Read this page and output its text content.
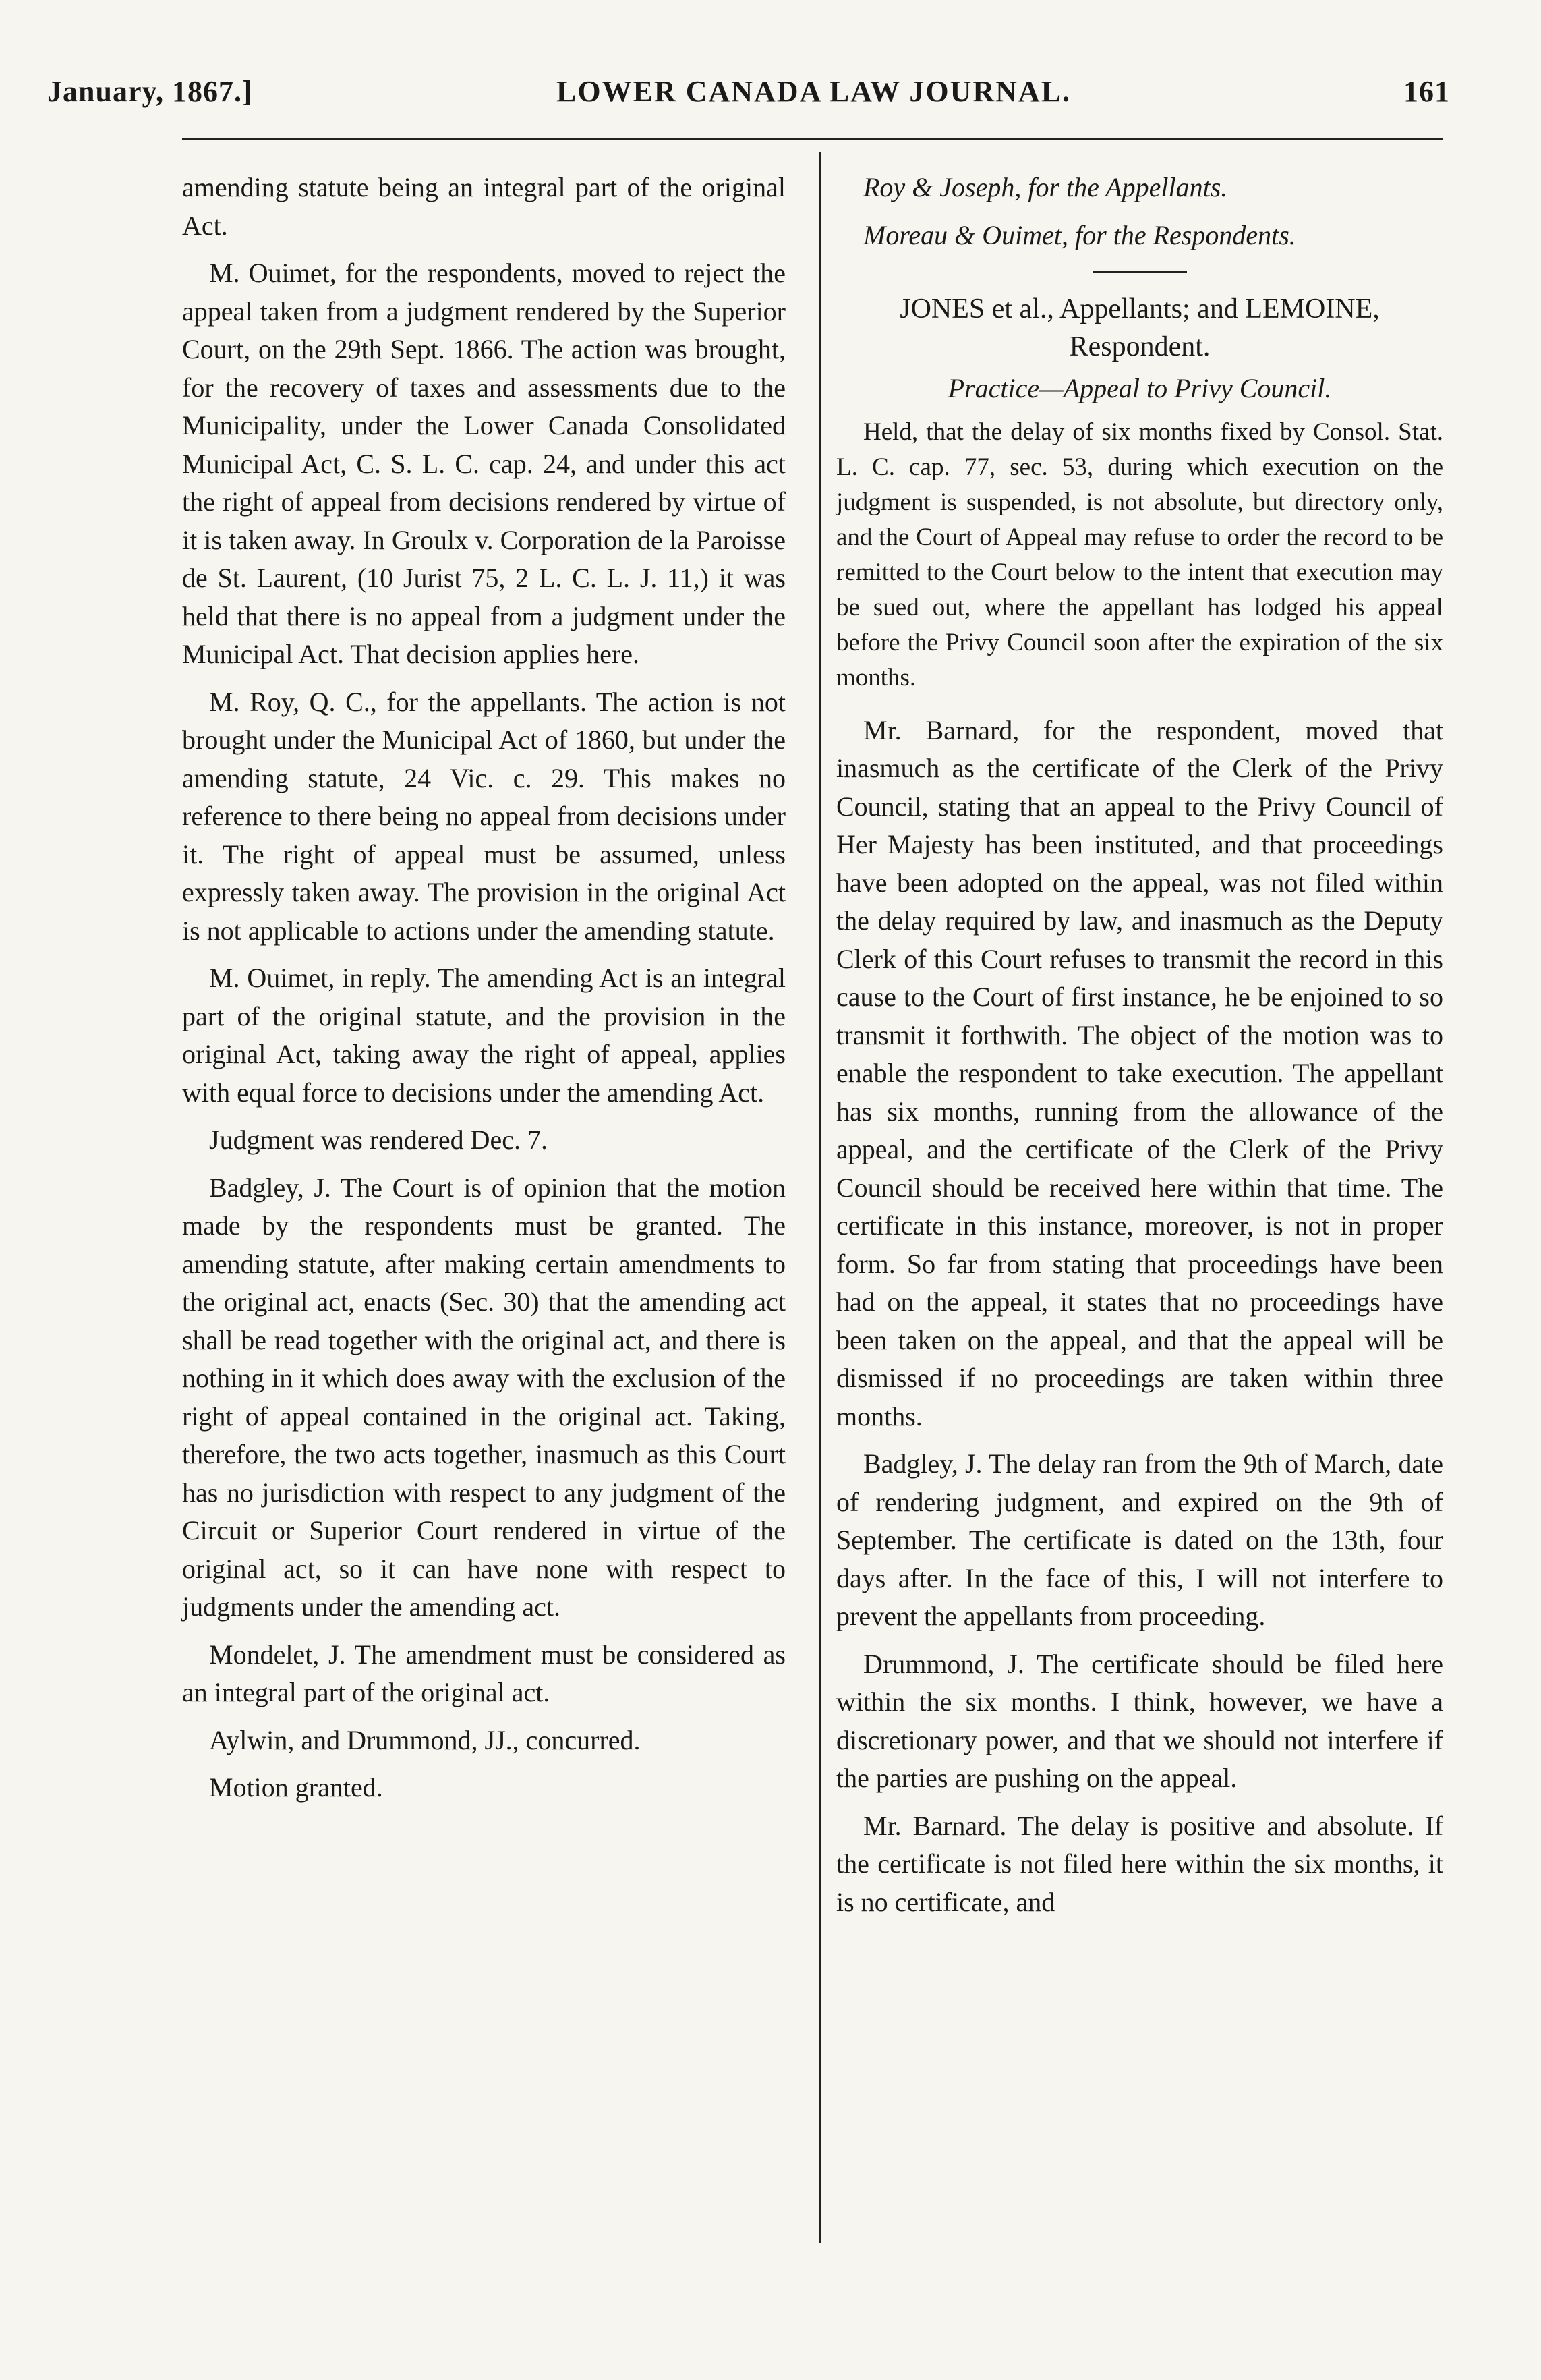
January, 1867.]	LOWER CANADA LAW JOURNAL.	161

amending statute being an integral part of the original Act.

M. Ouimet, for the respondents, moved to reject the appeal taken from a judgment rendered by the Superior Court, on the 29th Sept. 1866. The action was brought, for the recovery of taxes and assessments due to the Municipality, under the Lower Canada Consolidated Municipal Act, C. S. L. C. cap. 24, and under this act the right of appeal from decisions rendered by virtue of it is taken away. In Groulx v. Corporation de la Paroisse de St. Laurent, (10 Jurist 75, 2 L. C. L. J. 11,) it was held that there is no appeal from a judgment under the Municipal Act. That decision applies here.

M. Roy, Q. C., for the appellants. The action is not brought under the Municipal Act of 1860, but under the amending statute, 24 Vic. c. 29. This makes no reference to there being no appeal from decisions under it. The right of appeal must be assumed, unless expressly taken away. The provision in the original Act is not applicable to actions under the amending statute.

M. Ouimet, in reply. The amending Act is an integral part of the original statute, and the provision in the original Act, taking away the right of appeal, applies with equal force to decisions under the amending Act.

Judgment was rendered Dec. 7.

Badgley, J. The Court is of opinion that the motion made by the respondents must be granted. The amending statute, after making certain amendments to the original act, enacts (Sec. 30) that the amending act shall be read together with the original act, and there is nothing in it which does away with the exclusion of the right of appeal contained in the original act. Taking, therefore, the two acts together, inasmuch as this Court has no jurisdiction with respect to any judgment of the Circuit or Superior Court rendered in virtue of the original act, so it can have none with respect to judgments under the amending act.

Mondelet, J. The amendment must be considered as an integral part of the original act.

Aylwin, and Drummond, JJ., concurred.

Motion granted.

Roy & Joseph, for the Appellants.

Moreau & Ouimet, for the Respondents.

JONES et al., Appellants; and LEMOINE, Respondent.
Practice—Appeal to Privy Council.
Held, that the delay of six months fixed by Consol. Stat. L. C. cap. 77, sec. 53, during which execution on the judgment is suspended, is not absolute, but directory only, and the Court of Appeal may refuse to order the record to be remitted to the Court below to the intent that execution may be sued out, where the appellant has lodged his appeal before the Privy Council soon after the expiration of the six months.

Mr. Barnard, for the respondent, moved that inasmuch as the certificate of the Clerk of the Privy Council, stating that an appeal to the Privy Council of Her Majesty has been instituted, and that proceedings have been adopted on the appeal, was not filed within the delay required by law, and inasmuch as the Deputy Clerk of this Court refuses to transmit the record in this cause to the Court of first instance, he be enjoined to so transmit it forthwith. The object of the motion was to enable the respondent to take execution. The appellant has six months, running from the allowance of the appeal, and the certificate of the Clerk of the Privy Council should be received here within that time. The certificate in this instance, moreover, is not in proper form. So far from stating that proceedings have been had on the appeal, it states that no proceedings have been taken on the appeal, and that the appeal will be dismissed if no proceedings are taken within three months.

Badgley, J. The delay ran from the 9th of March, date of rendering judgment, and expired on the 9th of September. The certificate is dated on the 13th, four days after. In the face of this, I will not interfere to prevent the appellants from proceeding.

Drummond, J. The certificate should be filed here within the six months. I think, however, we have a discretionary power, and that we should not interfere if the parties are pushing on the appeal.

Mr. Barnard. The delay is positive and absolute. If the certificate is not filed here within the six months, it is no certificate, and
